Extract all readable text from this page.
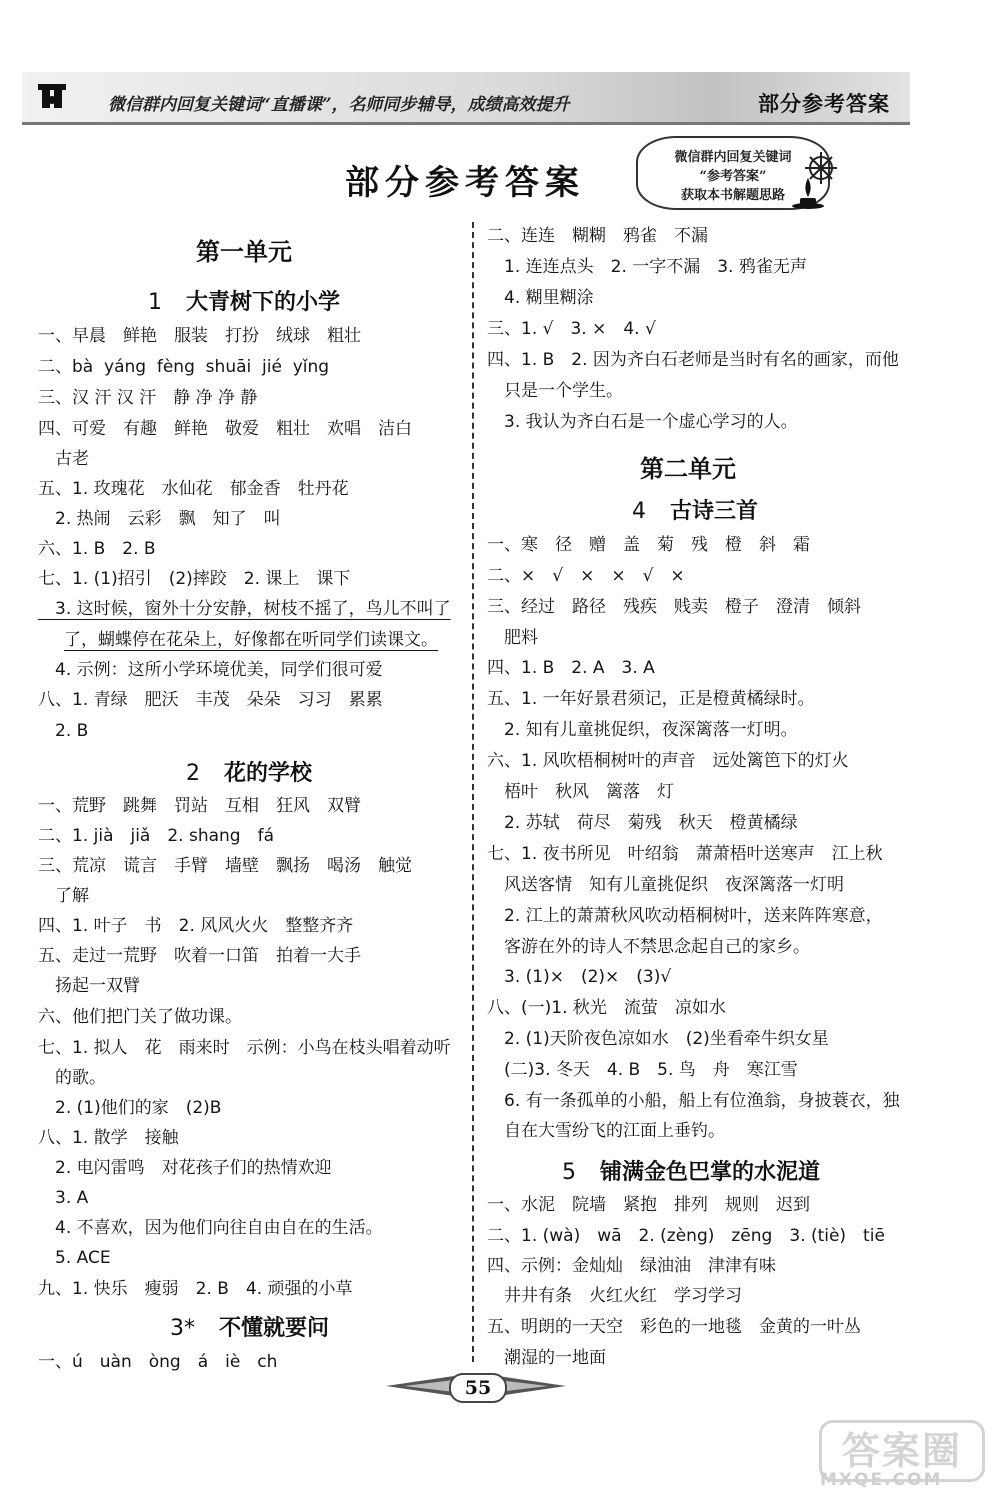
微信群内回复关键词“直播课”，名师同步辅导，成绩高效提升	部分参考答案
部分参考答案
微信群内回复关键词
“参考答案”
获取本书解题思路
第一单元
1 大青树下的小学
一、早晨　鲜艳　服装　打扮　绒球　粗壮
二、bà  yáng  fèng  shuāi  jié  yǐng
三、汉 汗 汉 汗　静 净 净 静
四、可爱　有趣　鲜艳　敬爱　粗壮　欢唱　洁白
　古老
五、1. 玫瑰花　水仙花　郁金香　牡丹花
　2. 热闹　云彩　飘　知了　叫
六、1. B　2. B
七、1. (1)招引　(2)摔跤　2. 课上　课下
　3. 这时候，窗外十分安静，树枝不摇了，鸟儿不叫了
了，蝴蝶停在花朵上，好像都在听同学们读课文。
　4. 示例：这所小学环境优美，同学们很可爱
八、1. 青绿　肥沃　丰茂　朵朵　习习　累累
　2. B
2 花的学校
一、荒野　跳舞　罚站　互相　狂风　双臂
二、1. jià　jiǎ　2. shang　fá
三、荒凉　谎言　手臂　墙壁　飘扬　喝汤　触觉
　了解
四、1. 叶子　书　2. 风风火火　整整齐齐
五、走过一荒野　吹着一口笛　拍着一大手
　扬起一双臂
六、他们把门关了做功课。
七、1. 拟人　花　雨来时　示例：小鸟在枝头唱着动听
　的歌。
　2. (1)他们的家　(2)B
八、1. 散学　接触
　2. 电闪雷鸣　对花孩子们的热情欢迎
　3. A
　4. 不喜欢，因为他们向往自由自在的生活。
　5. ACE
九、1. 快乐　瘦弱　2. B　4. 顽强的小草
3* 不懂就要问
一、ú　uàn　òng　á　iè　ch
二、连连　糊糊　鸦雀　不漏
　1. 连连点头　2. 一字不漏　3. 鸦雀无声
　4. 糊里糊涂
三、1. √　3. ×　4. √
四、1. B　2. 因为齐白石老师是当时有名的画家，而他
　只是一个学生。
　3. 我认为齐白石是一个虚心学习的人。
第二单元
4 古诗三首
一、寒　径　赠　盖　菊　残　橙　斜　霜
二、×　√　×　×　√　×
三、经过　路径　残疾　贱卖　橙子　澄清　倾斜
　肥料
四、1. B　2. A　3. A
五、1. 一年好景君须记，正是橙黄橘绿时。
　2. 知有儿童挑促织，夜深篱落一灯明。
六、1. 风吹梧桐树叶的声音　远处篱笆下的灯火
　梧叶　秋风　篱落　灯
　2. 苏轼　荷尽　菊残　秋天　橙黄橘绿
七、1. 夜书所见　叶绍翁　萧萧梧叶送寒声　江上秋
　风送客情　知有儿童挑促织　夜深篱落一灯明
　2. 江上的萧萧秋风吹动梧桐树叶，送来阵阵寒意，
　客游在外的诗人不禁思念起自己的家乡。
　3. (1)×　(2)×　(3)√
八、(一)1. 秋光　流萤　凉如水
　2. (1)天阶夜色凉如水　(2)坐看牵牛织女星
　(二)3. 冬天　4. B　5. 鸟　舟　寒江雪
　6. 有一条孤单的小船，船上有位渔翁，身披蓑衣，独
　自在大雪纷飞的江面上垂钓。
5 铺满金色巴掌的水泥道
一、水泥　院墙　紧抱　排列　规则　迟到
二、1. (wà)　wā　2. (zèng)　zēng　3. (tiè)　tiē
四、示例：金灿灿　绿油油　津津有味
　井井有条　火红火红　学习学习
五、明朗的一天空　彩色的一地毯　金黄的一叶丛
　潮湿的一地面
55
答案圈
MXQE.COM
